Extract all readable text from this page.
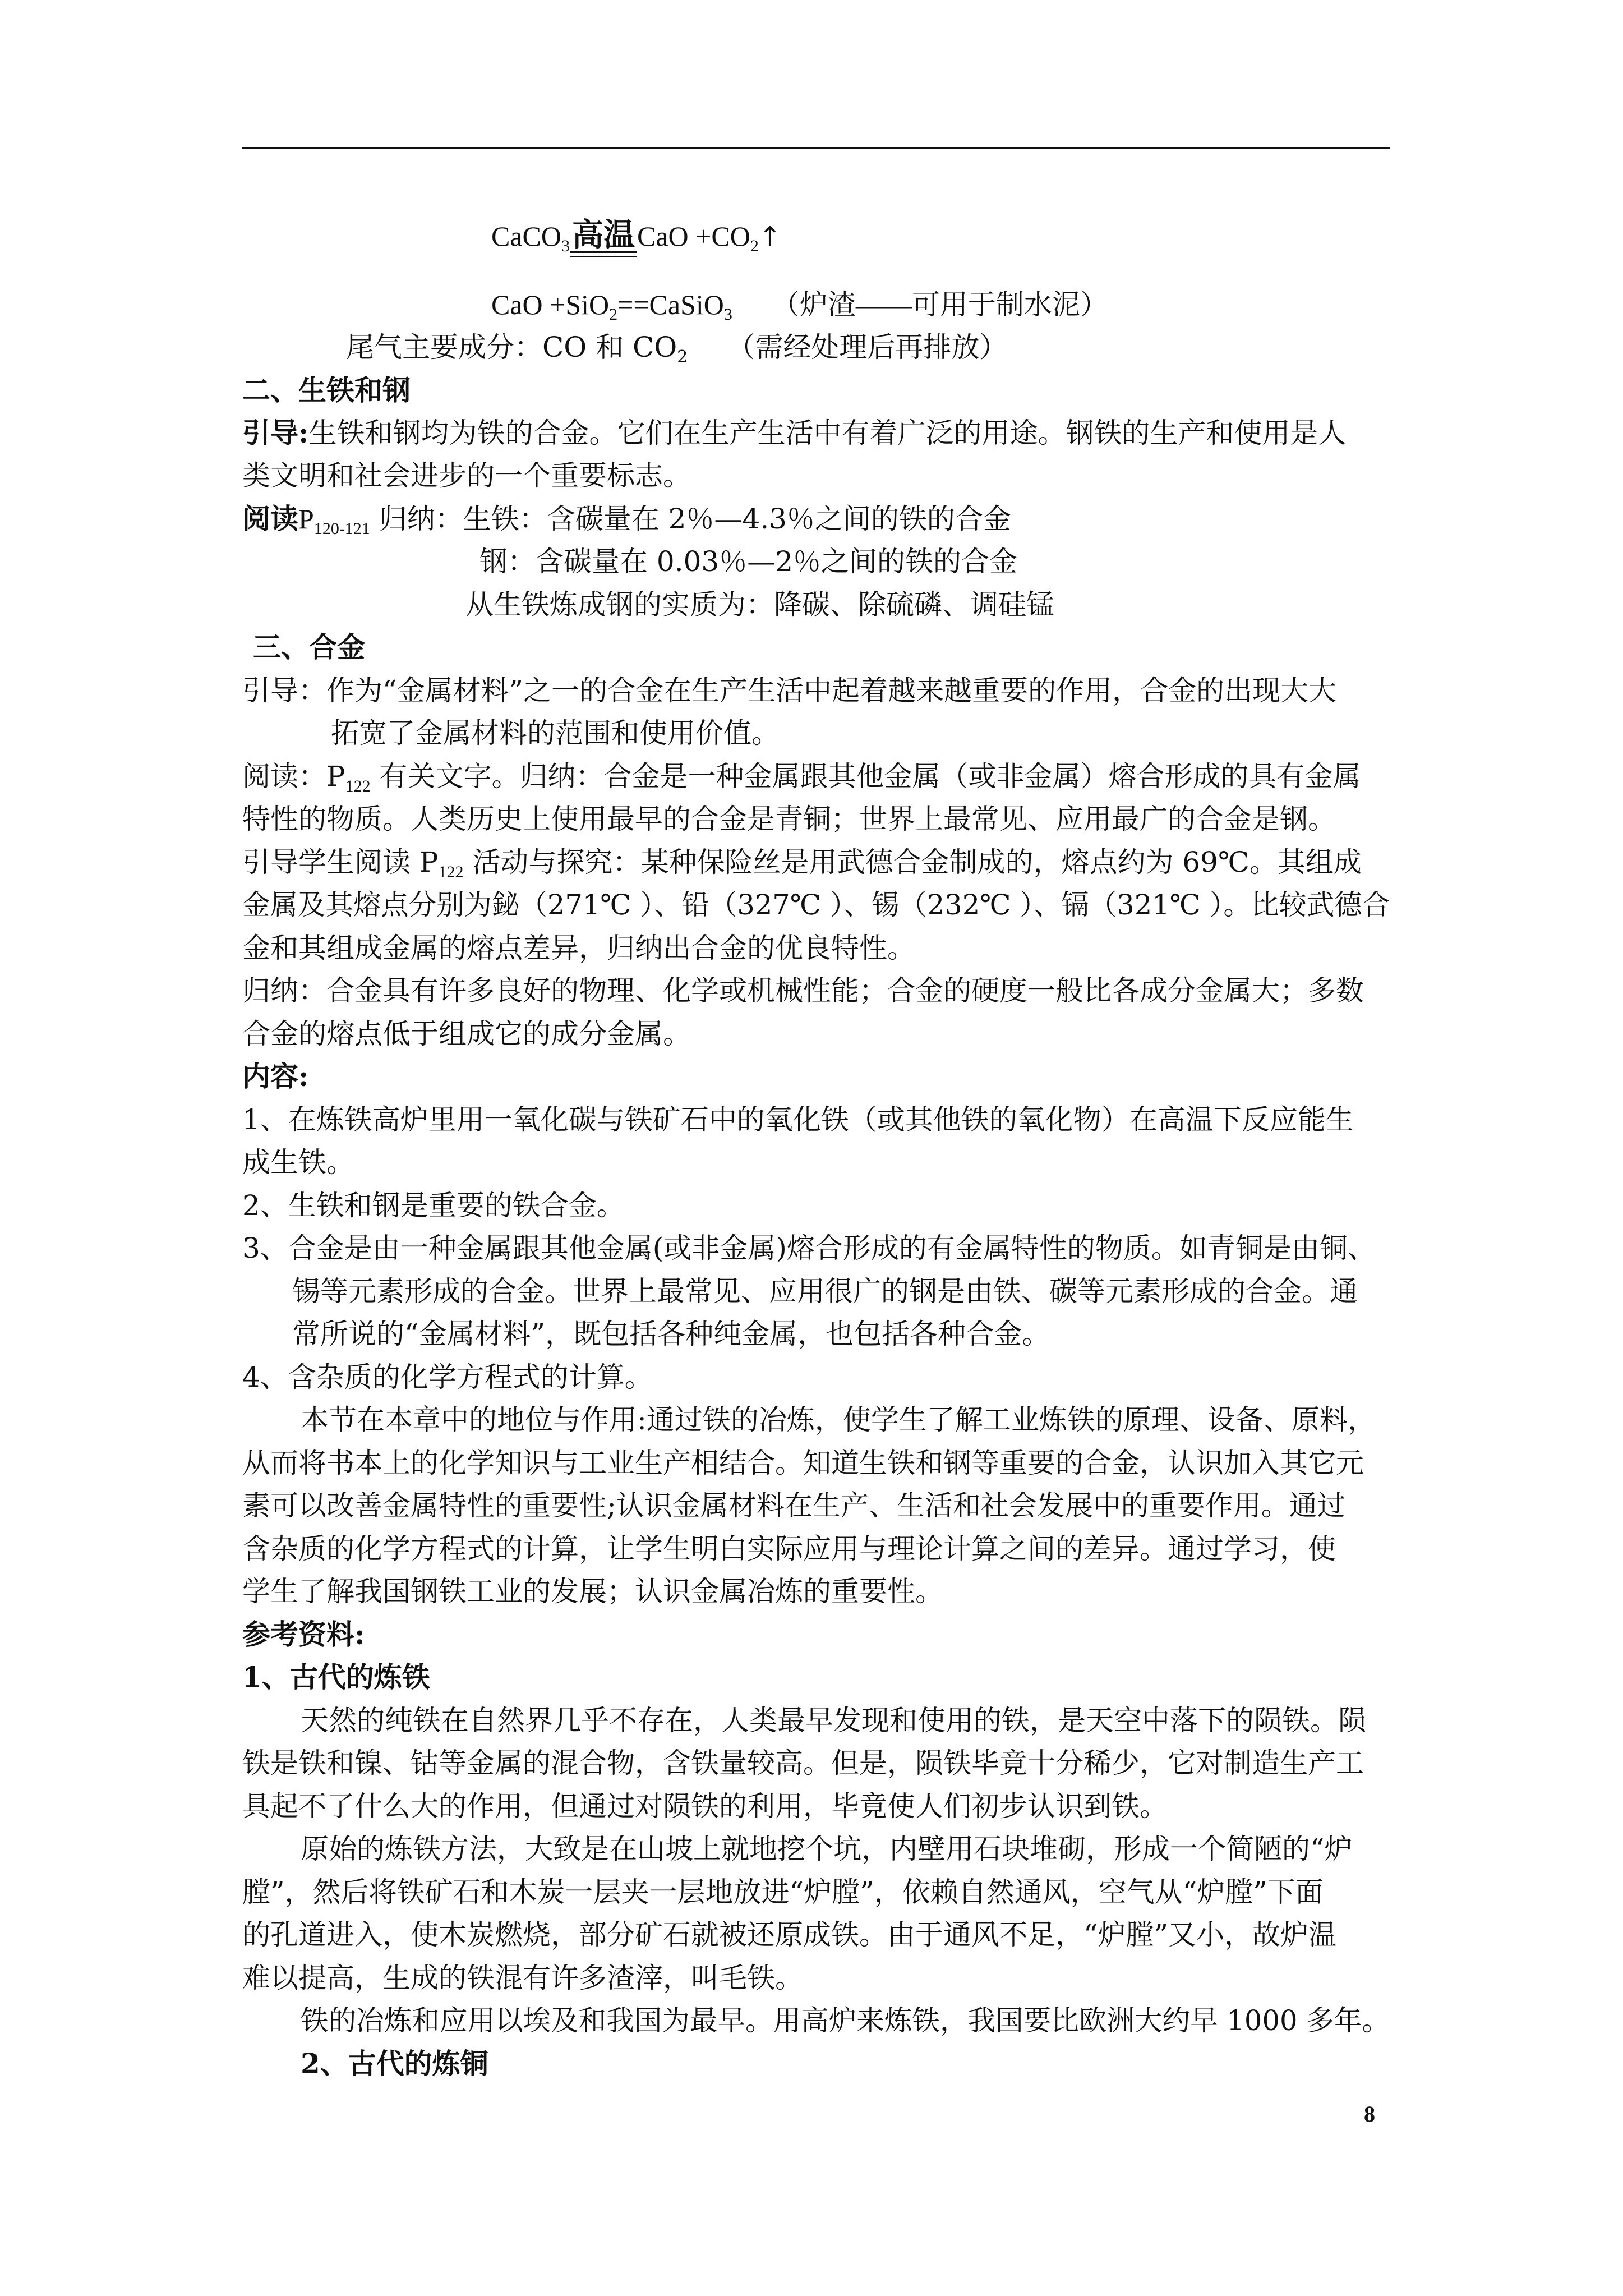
CaCO$_3$高温CaO $+CO_2↑$
CaO +SiO$_2$==CaSiO$_3$ （炉渣——可用于制水泥）
尾气主要成分：CO 和 $CO_2$ （需经处理后再排放）
二、生铁和钢
引导:生铁和钢均为铁的合金。它们在生产生活中有着广泛的用途。钢铁的生产和使用是人
类文明和社会进步的一个重要标志。
阅读$P_{120-121}$ 归纳：生铁：含碳量在 2％—4.3％之间的铁的合金
钢：含碳量在 0.03％—2％之间的铁的合金
从生铁炼成钢的实质为：降碳、除硫磷、调硅锰
三、合金
引导：作为“金属材料”之一的合金在生产生活中起着越来越重要的作用，合金的出现大大
拓宽了金属材料的范围和使用价值。
阅读：$P_{122}$ 有关文字。归纳：合金是一种金属跟其他金属（或非金属）熔合形成的具有金属
特性的物质。人类历史上使用最早的合金是青铜；世界上最常见、应用最广的合金是钢。
引导学生阅读 $P_{122}$ 活动与探究：某种保险丝是用武德合金制成的，熔点约为 69℃。其组成
金属及其熔点分别为鉍（271℃ ）、铅（327℃ ）、锡（232℃ ）、镉（321℃ ）。比较武德合
金和其组成金属的熔点差异，归纳出合金的优良特性。
归纳：合金具有许多良好的物理、化学或机械性能；合金的硬度一般比各成分金属大；多数
合金的熔点低于组成它的成分金属。
内容:
1、在炼铁高炉里用一氧化碳与铁矿石中的氧化铁（或其他铁的氧化物）在高温下反应能生
成生铁。
2、生铁和钢是重要的铁合金。
3、合金是由一种金属跟其他金属(或非金属)熔合形成的有金属特性的物质。如青铜是由铜、
锡等元素形成的合金。世界上最常见、应用很广的钢是由铁、碳等元素形成的合金。通
常所说的“金属材料”，既包括各种纯金属，也包括各种合金。
4、含杂质的化学方程式的计算。
本节在本章中的地位与作用:通过铁的冶炼，使学生了解工业炼铁的原理、设备、原料，
从而将书本上的化学知识与工业生产相结合。知道生铁和钢等重要的合金，认识加入其它元
素可以改善金属特性的重要性;认识金属材料在生产、生活和社会发展中的重要作用。通过
含杂质的化学方程式的计算，让学生明白实际应用与理论计算之间的差异。通过学习，使
学生了解我国钢铁工业的发展；认识金属冶炼的重要性。
参考资料:
1、古代的炼铁
天然的纯铁在自然界几乎不存在，人类最早发现和使用的铁，是天空中落下的陨铁。陨
铁是铁和镍、钴等金属的混合物，含铁量较高。但是，陨铁毕竟十分稀少，它对制造生产工
具起不了什么大的作用，但通过对陨铁的利用，毕竟使人们初步认识到铁。
原始的炼铁方法，大致是在山坡上就地挖个坑，内壁用石块堆砌，形成一个简陋的“炉
膛”，然后将铁矿石和木炭一层夹一层地放进“炉膛”，依赖自然通风，空气从“炉膛”下面
的孔道进入，使木炭燃烧，部分矿石就被还原成铁。由于通风不足，“炉膛”又小，故炉温
难以提高，生成的铁混有许多渣滓，叫毛铁。
铁的冶炼和应用以埃及和我国为最早。用高炉来炼铁，我国要比欧洲大约早 1000 多年。
2、古代的炼铜
8
